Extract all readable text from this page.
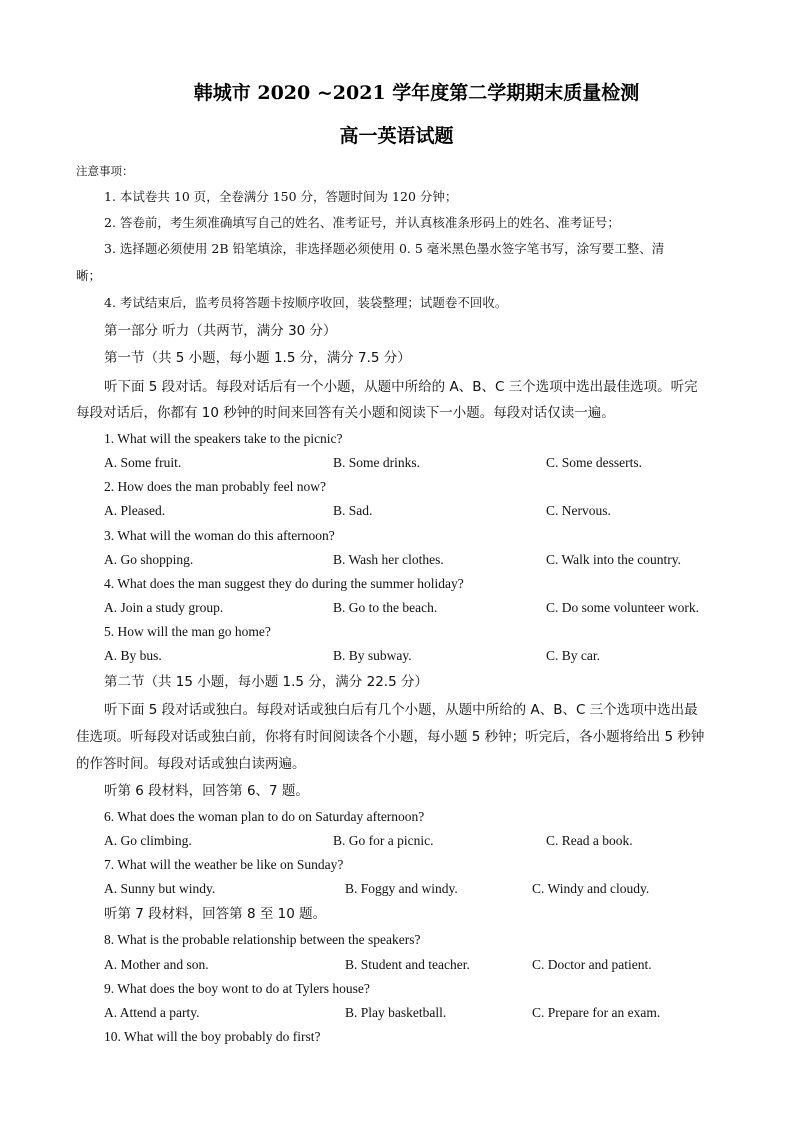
韩城市 2020 ~2021 学年度第二学期期末质量检测
高一英语试题
注意事项：
1. 本试卷共 10 页，全卷满分 150 分，答题时间为 120 分钟；
2. 答卷前，考生须准确填写自己的姓名、准考证号，并认真核准条形码上的姓名、准考证号；
3. 选择题必须使用 2B 铅笔填涂，非选择题必须使用 0. 5 毫米黑色墨水签字笔书写，涂写要工整、清
晰；
4. 考试结束后，监考员将答题卡按顺序收回，装袋整理；试题卷不回收。
第一部分 听力（共两节，满分 30 分）
第一节（共 5 小题，每小题 1.5 分，满分 7.5 分）
听下面 5 段对话。每段对话后有一个小题，从题中所给的 A、B、C 三个选项中选出最佳选项。听完
每段对话后，你都有 10 秒钟的时间来回答有关小题和阅读下一小题。每段对话仅读一遍。
1. What will the speakers take to the picnic?
A. Some fruit.	B. Some drinks.	C. Some desserts.
2. How does the man probably feel now?
A. Pleased.	B. Sad.	C. Nervous.
3. What will the woman do this afternoon?
A. Go shopping.	B. Wash her clothes.	C. Walk into the country.
4. What does the man suggest they do during the summer holiday?
A. Join a study group.	B. Go to the beach.	C. Do some volunteer work.
5. How will the man go home?
A. By bus.	B. By subway.	C. By car.
第二节（共 15 小题，每小题 1.5 分，满分 22.5 分）
听下面 5 段对话或独白。每段对话或独白后有几个小题，从题中所给的 A、B、C 三个选项中选出最
佳选项。听每段对话或独白前，你将有时间阅读各个小题，每小题 5 秒钟；听完后，各小题将给出 5 秒钟
的作答时间。每段对话或独白读两遍。
听第 6 段材料，回答第 6、7 题。
6. What does the woman plan to do on Saturday afternoon?
A. Go climbing.	B. Go for a picnic.	C. Read a book.
7. What will the weather be like on Sunday?
A. Sunny but windy.	B. Foggy and windy.	C. Windy and cloudy.
听第 7 段材料，回答第 8 至 10 题。
8. What is the probable relationship between the speakers?
A. Mother and son.	B. Student and teacher.	C. Doctor and patient.
9. What does the boy wont to do at Tylers house?
A. Attend a party.	B. Play basketball.	C. Prepare for an exam.
10. What will the boy probably do first?
